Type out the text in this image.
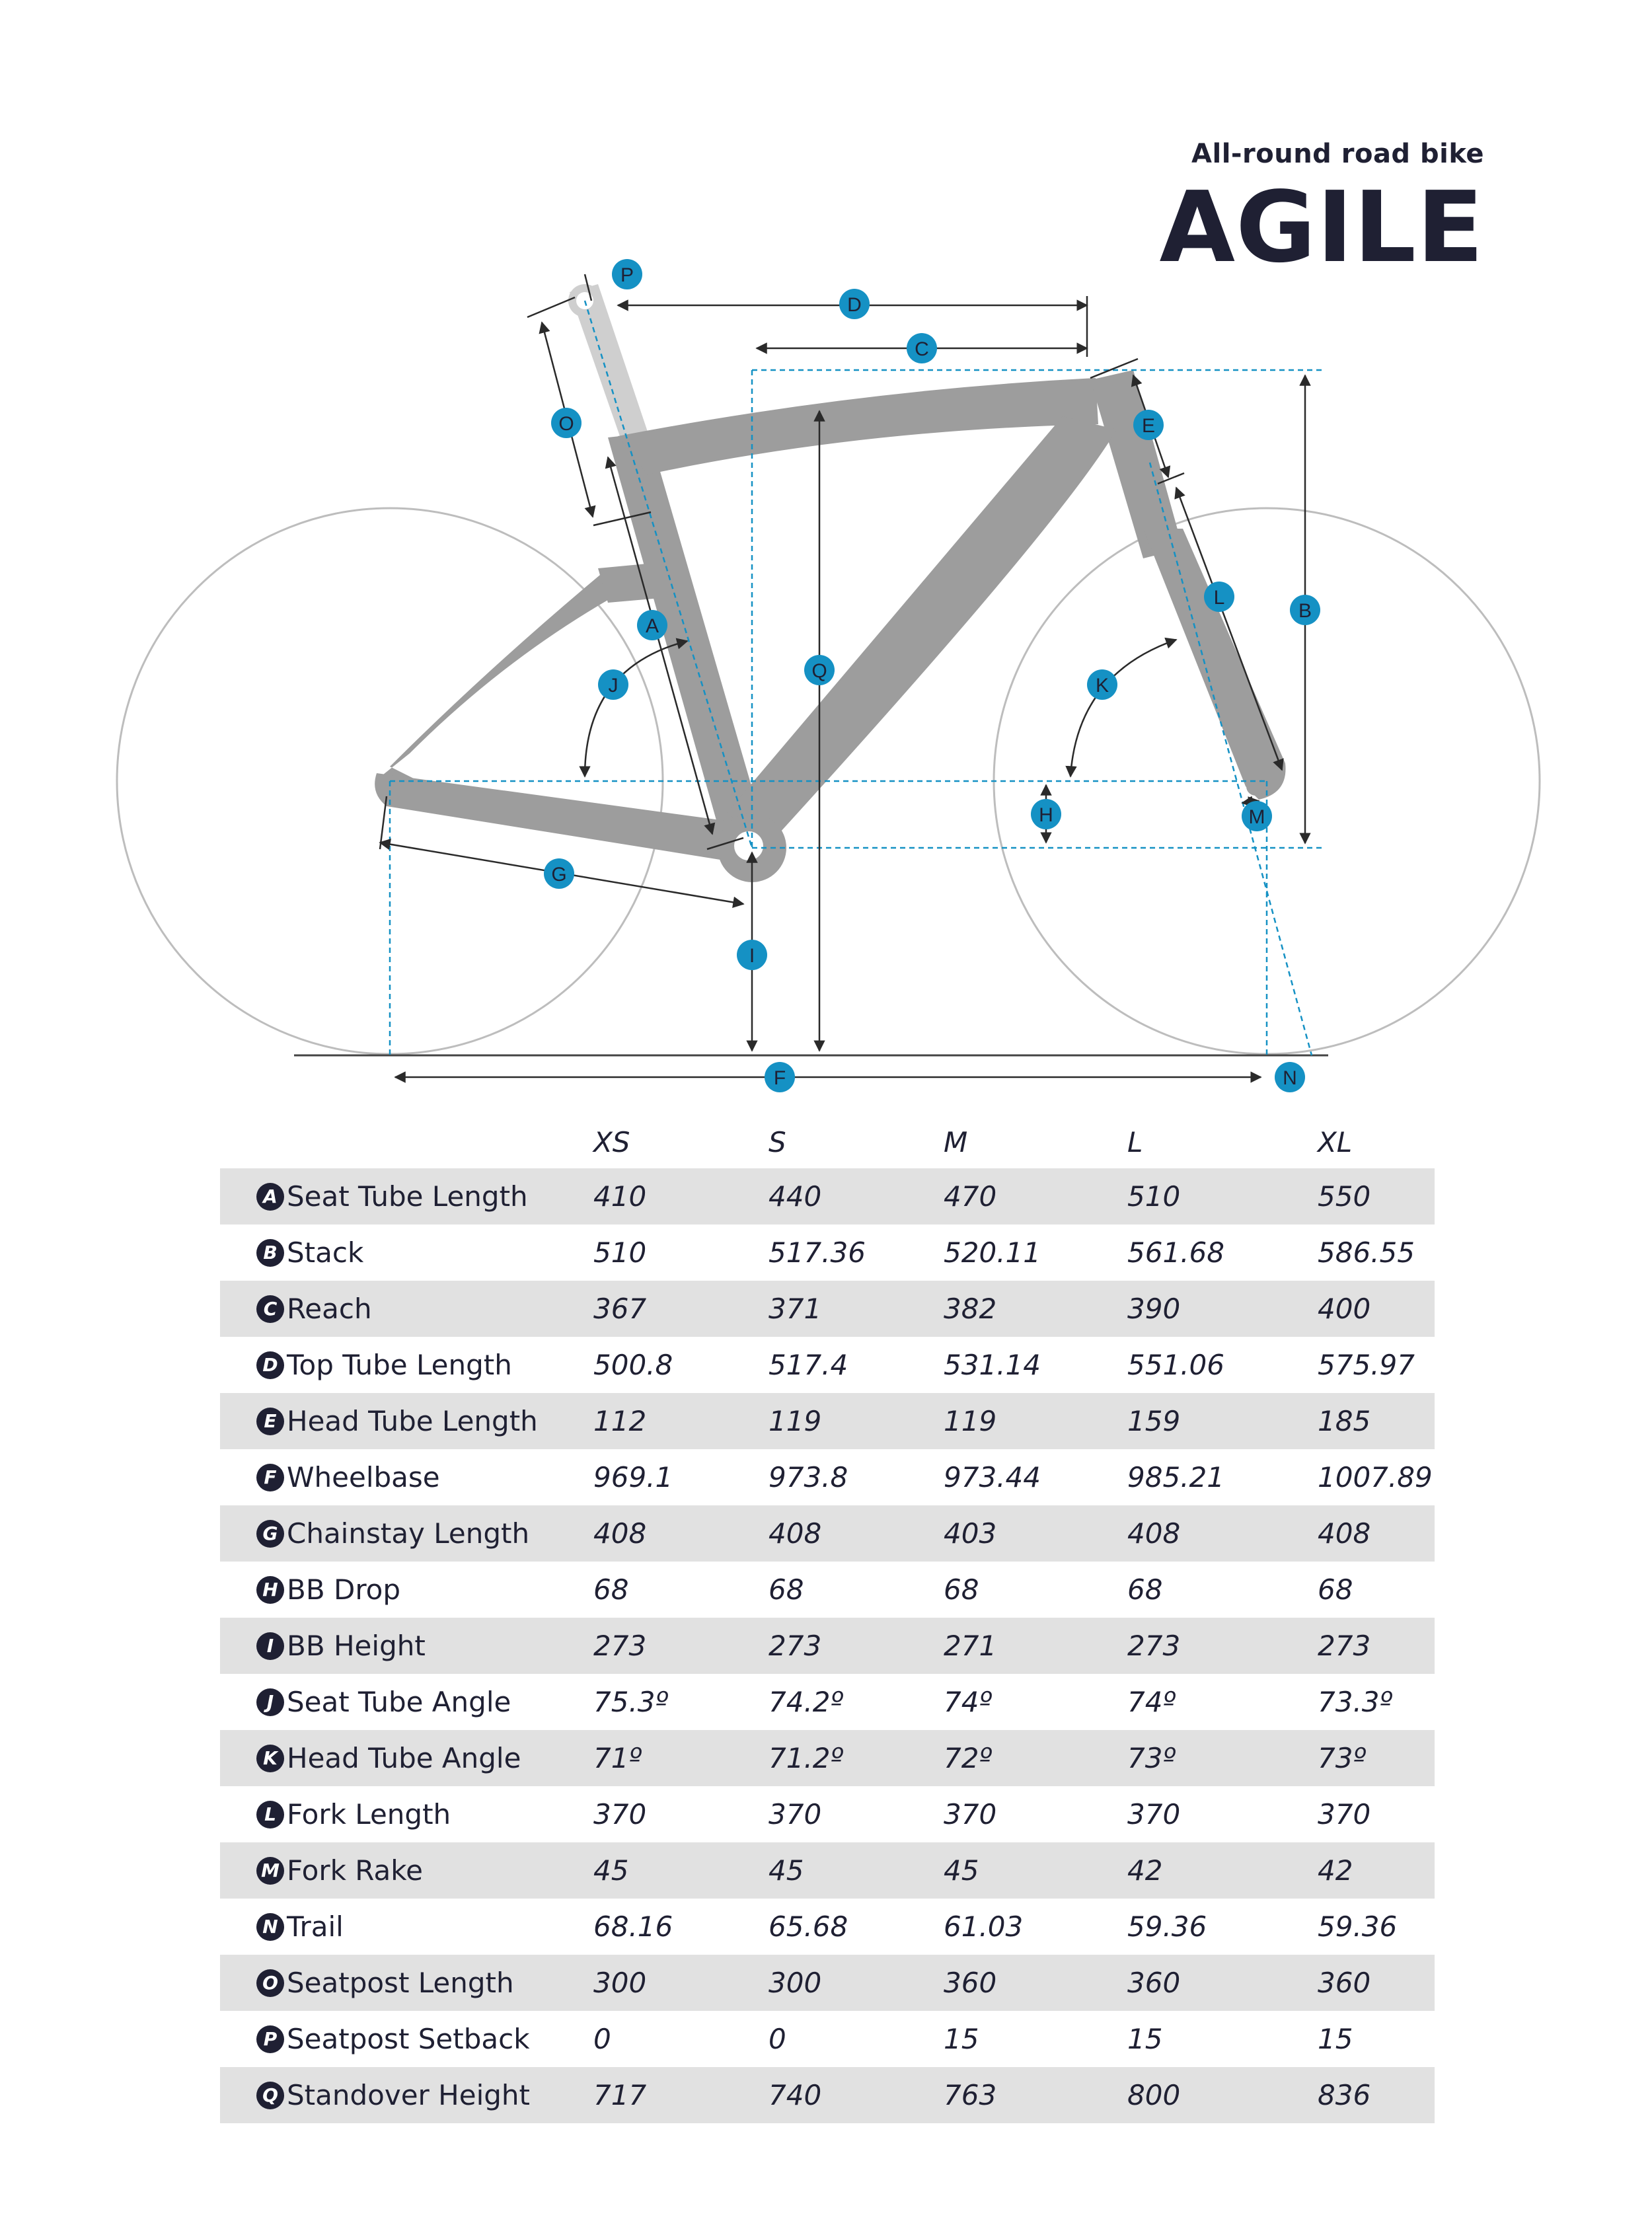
All-round road bike
AGILE
P
D
C
O	E
L
B
A
Q
J	K
H	M
G
I
F	N
XS	S	M	L	XL
A Seat Tube Length 410	440	470	510	550
B Stack	510	517.36	520.11	561.68	586.55
C Reach	367	371	382	390	400
D Top Tube Length	500.8	517.4	531.14	551.06	575.97
E Head Tube Length 112	119	119	159	185
F Wheelbase	969.1	973.8	973.44	985.21	1007.89
G Chainstay Length 408	408	403	408	408
H BB Drop	68	68	68	68	68
I BB Height	273	273	271	273	273
J Seat Tube Angle	75.3º	74.2º	74º	74º	73.3º
K Head Tube Angle	71º	71.2º	72º	73º	73º
L Fork Length	370	370	370	370	370
M Fork Rake	45	45	45	42	42
N Trail	68.16	65.68	61.03	59.36	59.36
O Seatpost Length	300	300	360	360	360
P Seatpost Setback 0	0	15	15	15
Q Standover Height 717	740	763	800	836
